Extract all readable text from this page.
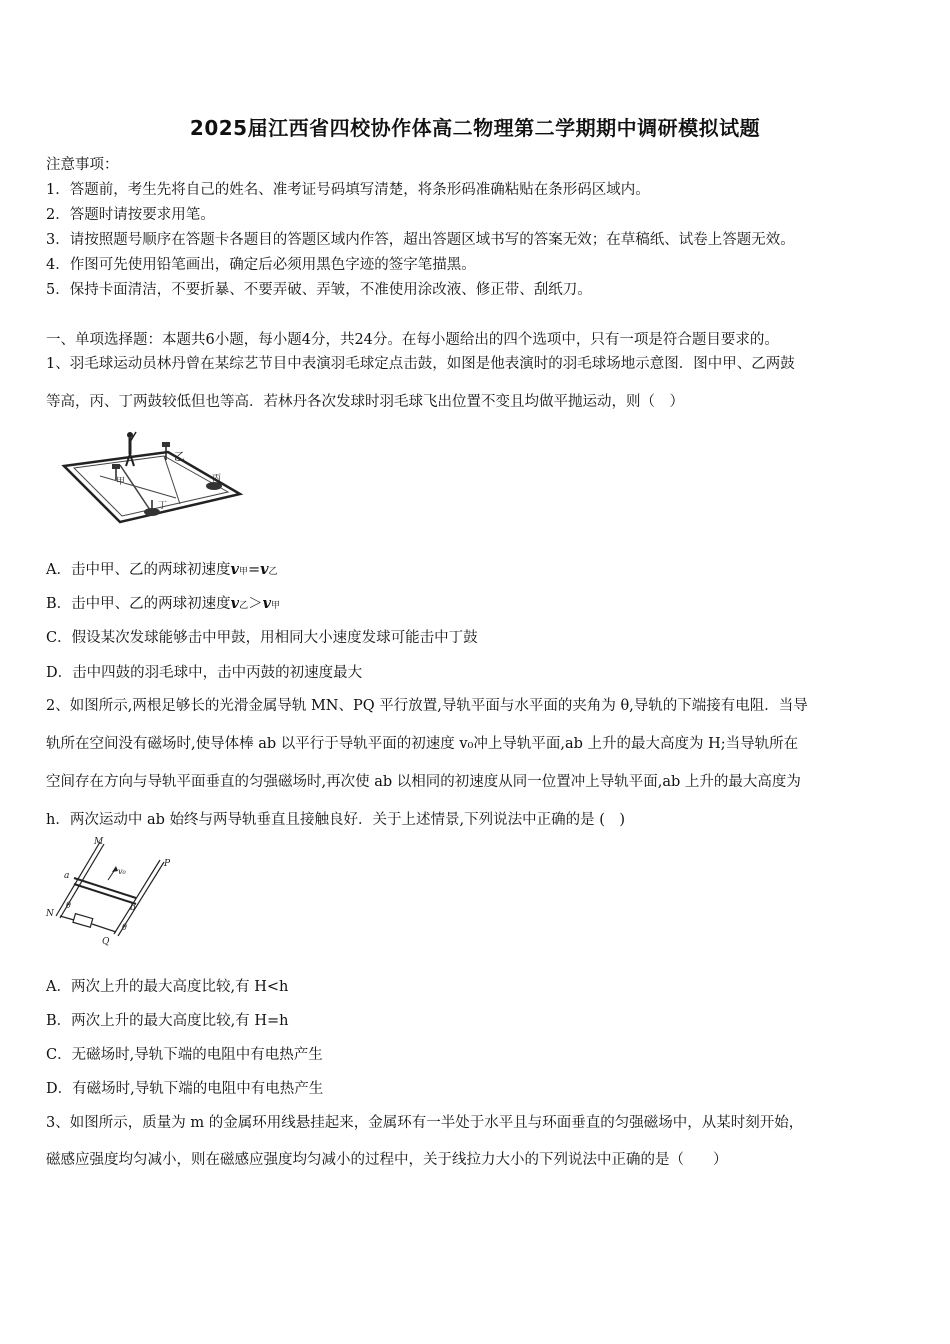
2025届江西省四校协作体高二物理第二学期期中调研模拟试题
注意事项：
1．答题前，考生先将自己的姓名、准考证号码填写清楚，将条形码准确粘贴在条形码区域内。
2．答题时请按要求用笔。
3．请按照题号顺序在答题卡各题目的答题区域内作答，超出答题区域书写的答案无效；在草稿纸、试卷上答题无效。
4．作图可先使用铅笔画出，确定后必须用黑色字迹的签字笔描黑。
5．保持卡面清洁，不要折暴、不要弄破、弄皱，不准使用涂改液、修正带、刮纸刀。
一、单项选择题：本题共6小题，每小题4分，共24分。在每小题给出的四个选项中，只有一项是符合题目要求的。
1、羽毛球运动员林丹曾在某综艺节目中表演羽毛球定点击鼓，如图是他表演时的羽毛球场地示意图．图中甲、乙两鼓
等高，丙、丁两鼓较低但也等高．若林丹各次发球时羽毛球飞出位置不变且均做平抛运动，则（　）
乙
甲	丙
丁
A．击中甲、乙的两球初速度v甲=v乙
B．击中甲、乙的两球初速度v乙＞v甲
C．假设某次发球能够击中甲鼓，用相同大小速度发球可能击中丁鼓
D．击中四鼓的羽毛球中，击中丙鼓的初速度最大
2、如图所示,两根足够长的光滑金属导轨 MN、PQ 平行放置,导轨平面与水平面的夹角为 θ,导轨的下端接有电阻．当导
轨所在空间没有磁场时,使导体棒 ab 以平行于导轨平面的初速度 v₀冲上导轨平面,ab 上升的最大高度为 H;当导轨所在
空间存在方向与导轨平面垂直的匀强磁场时,再次使 ab 以相同的初速度从同一位置冲上导轨平面,ab 上升的最大高度为
h．两次运动中 ab 始终与两导轨垂直且接触良好．关于上述情景,下列说法中正确的是 (　)
M
P
a
b
N
Q
v₀
θ
θ
A．两次上升的最大高度比较,有 H<h
B．两次上升的最大高度比较,有 H=h
C．无磁场时,导轨下端的电阻中有电热产生
D．有磁场时,导轨下端的电阻中有电热产生
3、如图所示，质量为 m 的金属环用线悬挂起来，金属环有一半处于水平且与环面垂直的匀强磁场中，从某时刻开始，
磁感应强度均匀减小，则在磁感应强度均匀减小的过程中，关于线拉力大小的下列说法中正确的是（　　）
